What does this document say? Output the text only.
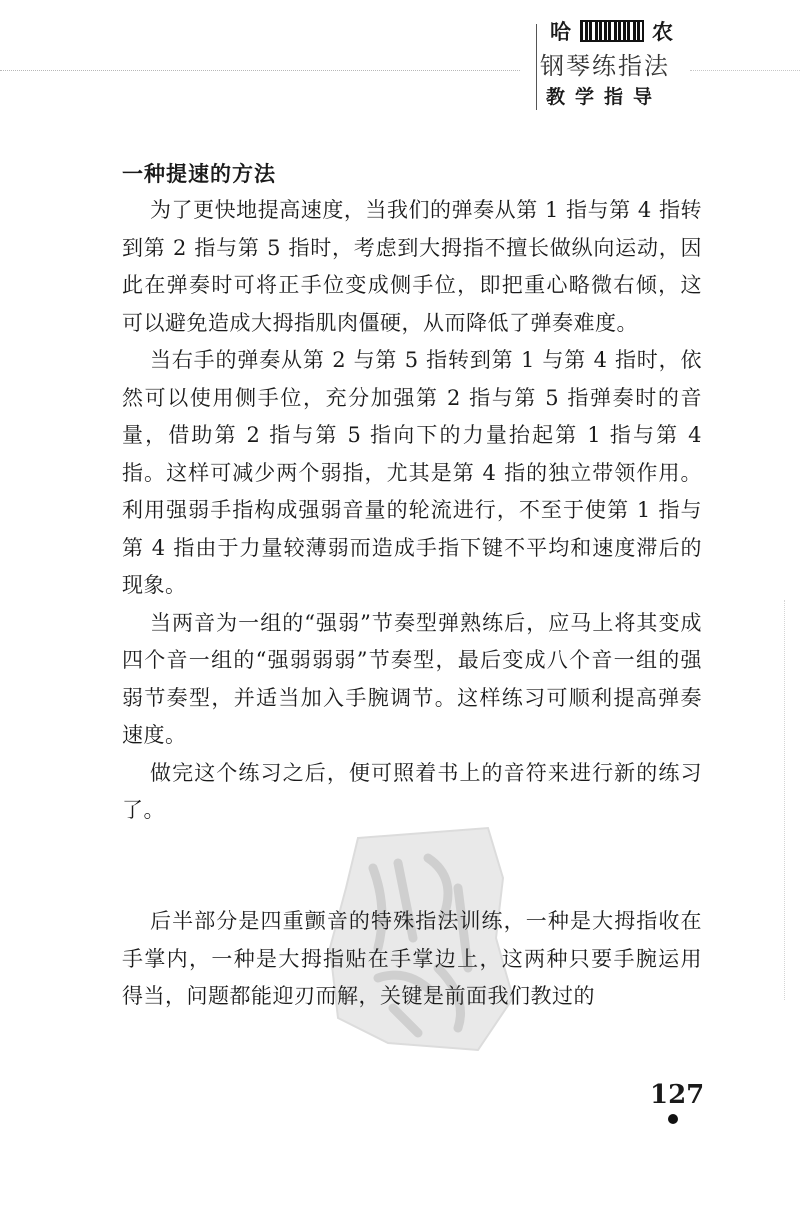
哈	农
钢琴练指法
教学指导
一种提速的方法

为了更快地提高速度，当我们的弹奏从第 1 指与第 4 指转到第 2 指与第 5 指时，考虑到大拇指不擅长做纵向运动，因此在弹奏时可将正手位变成侧手位，即把重心略微右倾，这可以避免造成大拇指肌肉僵硬，从而降低了弹奏难度。

当右手的弹奏从第 2 与第 5 指转到第 1 与第 4 指时，依然可以使用侧手位，充分加强第 2 指与第 5 指弹奏时的音量，借助第 2 指与第 5 指向下的力量抬起第 1 指与第 4 指。这样可减少两个弱指，尤其是第 4 指的独立带领作用。利用强弱手指构成强弱音量的轮流进行，不至于使第 1 指与第 4 指由于力量较薄弱而造成手指下键不平均和速度滞后的现象。

当两音为一组的“强弱”节奏型弹熟练后，应马上将其变成四个音一组的“强弱弱弱”节奏型，最后变成八个音一组的强弱节奏型，并适当加入手腕调节。这样练习可顺利提高弹奏速度。

做完这个练习之后，便可照着书上的音符来进行新的练习了。

后半部分是四重颤音的特殊指法训练，一种是大拇指收在手掌内，一种是大拇指贴在手掌边上，这两种只要手腕运用得当，问题都能迎刃而解，关键是前面我们教过的

127
